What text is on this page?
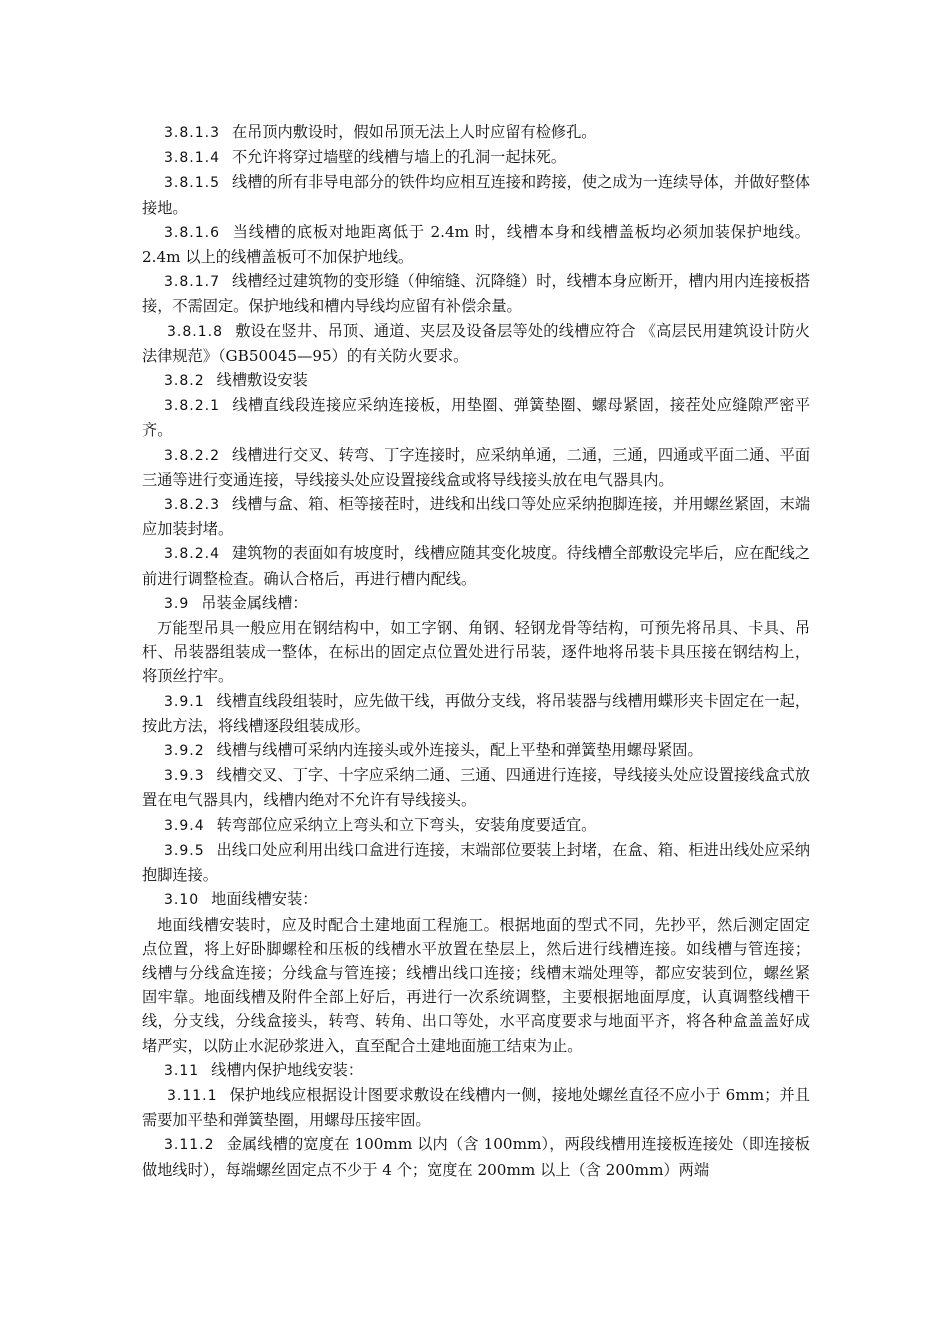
3.8.1.3 在吊顶内敷设时，假如吊顶无法上人时应留有检修孔。

3.8.1.4 不允许将穿过墙壁的线槽与墙上的孔洞一起抹死。

3.8.1.5 线槽的所有非导电部分的铁件均应相互连接和跨接，使之成为一连续导体，并做好整体接地。

3.8.1.6 当线槽的底板对地距离低于 2.4m 时，线槽本身和线槽盖板均必须加装保护地线。2.4m 以上的线槽盖板可不加保护地线。

3.8.1.7 线槽经过建筑物的变形缝（伸缩缝、沉降缝）时，线槽本身应断开，槽内用内连接板搭接，不需固定。保护地线和槽内导线均应留有补偿余量。

3.8.1.8 敷设在竖井、吊顶、通道、夹层及设备层等处的线槽应符合 《高层民用建筑设计防火法律规范》（GB50045—95）的有关防火要求。

3.8.2 线槽敷设安装

3.8.2.1 线槽直线段连接应采纳连接板，用垫圈、弹簧垫圈、螺母紧固，接茬处应缝隙严密平齐。

3.8.2.2 线槽进行交叉、转弯、丁字连接时，应采纳单通，二通，三通，四通或平面二通、平面三通等进行变通连接，导线接头处应设置接线盒或将导线接头放在电气器具内。

3.8.2.3 线槽与盒、箱、柜等接茬时，进线和出线口等处应采纳抱脚连接，并用螺丝紧固，末端应加装封堵。

3.8.2.4 建筑物的表面如有坡度时，线槽应随其变化坡度。待线槽全部敷设完毕后，应在配线之前进行调整检查。确认合格后，再进行槽内配线。

3.9 吊装金属线槽：

万能型吊具一般应用在钢结构中，如工字钢、角钢、轻钢龙骨等结构，可预先将吊具、卡具、吊杆、吊装器组装成一整体，在标出的固定点位置处进行吊装，逐件地将吊装卡具压接在钢结构上，将顶丝拧牢。

3.9.1 线槽直线段组装时，应先做干线，再做分支线，将吊装器与线槽用蝶形夹卡固定在一起，按此方法，将线槽逐段组装成形。

3.9.2 线槽与线槽可采纳内连接头或外连接头，配上平垫和弹簧垫用螺母紧固。

3.9.3 线槽交叉、丁字、十字应采纳二通、三通、四通进行连接，导线接头处应设置接线盒式放置在电气器具内，线槽内绝对不允许有导线接头。

3.9.4 转弯部位应采纳立上弯头和立下弯头，安装角度要适宜。

3.9.5 出线口处应利用出线口盒进行连接，末端部位要装上封堵，在盒、箱、柜进出线处应采纳抱脚连接。

3.10 地面线槽安装：

地面线槽安装时，应及时配合土建地面工程施工。根据地面的型式不同，先抄平，然后测定固定点位置，将上好卧脚螺栓和压板的线槽水平放置在垫层上，然后进行线槽连接。如线槽与管连接；线槽与分线盒连接；分线盒与管连接；线槽出线口连接；线槽末端处理等，都应安装到位，螺丝紧固牢靠。地面线槽及附件全部上好后，再进行一次系统调整，主要根据地面厚度，认真调整线槽干线，分支线，分线盒接头，转弯、转角、出口等处，水平高度要求与地面平齐，将各种盒盖盖好成堵严实，以防止水泥砂浆进入，直至配合土建地面施工结束为止。

3.11 线槽内保护地线安装：

3.11.1 保护地线应根据设计图要求敷设在线槽内一侧，接地处螺丝直径不应小于 6mm；并且需要加平垫和弹簧垫圈，用螺母压接牢固。

3.11.2 金属线槽的宽度在 100mm 以内（含 100mm），两段线槽用连接板连接处（即连接板做地线时），每端螺丝固定点不少于 4 个；宽度在 200mm 以上（含 200mm）两端
